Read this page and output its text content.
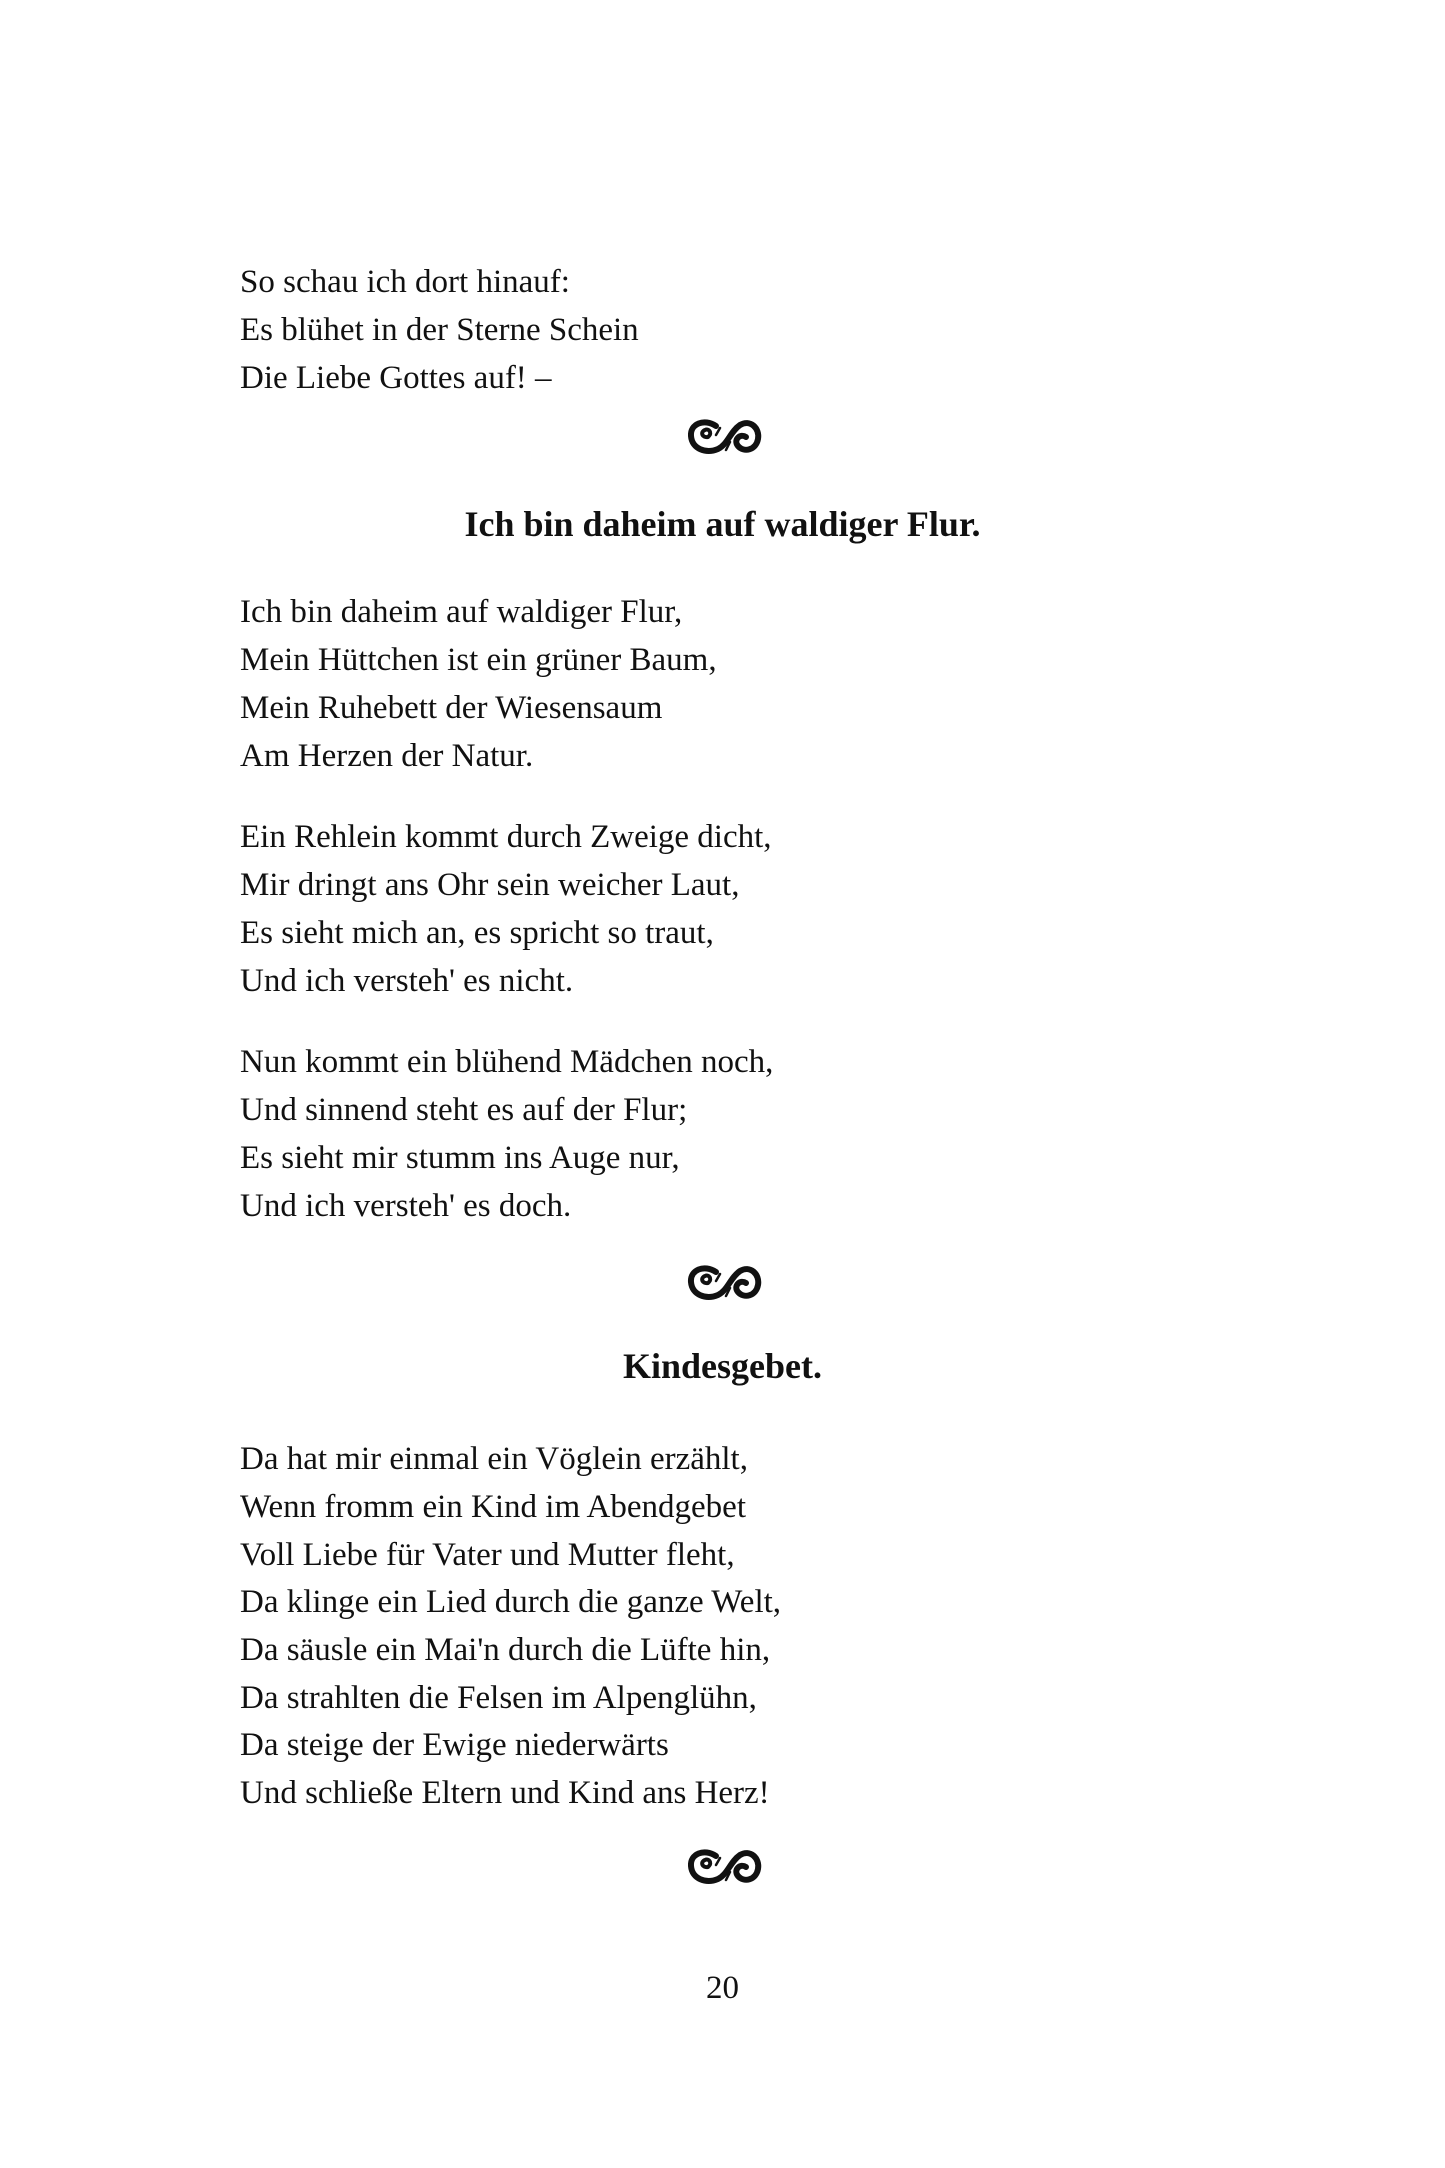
So schau ich dort hinauf:
Es blühet in der Sterne Schein
Die Liebe Gottes auf! –
Ich bin daheim auf waldiger Flur.
Ich bin daheim auf waldiger Flur,
Mein Hüttchen ist ein grüner Baum,
Mein Ruhebett der Wiesensaum
Am Herzen der Natur.
Ein Rehlein kommt durch Zweige dicht,
Mir dringt ans Ohr sein weicher Laut,
Es sieht mich an, es spricht so traut,
Und ich versteh' es nicht.
Nun kommt ein blühend Mädchen noch,
Und sinnend steht es auf der Flur;
Es sieht mir stumm ins Auge nur,
Und ich versteh' es doch.
Kindesgebet.
Da hat mir einmal ein Vöglein erzählt,
Wenn fromm ein Kind im Abendgebet
Voll Liebe für Vater und Mutter fleht,
Da klinge ein Lied durch die ganze Welt,
Da säusle ein Mai'n durch die Lüfte hin,
Da strahlten die Felsen im Alpenglühn,
Da steige der Ewige niederwärts
Und schließe Eltern und Kind ans Herz!
20
